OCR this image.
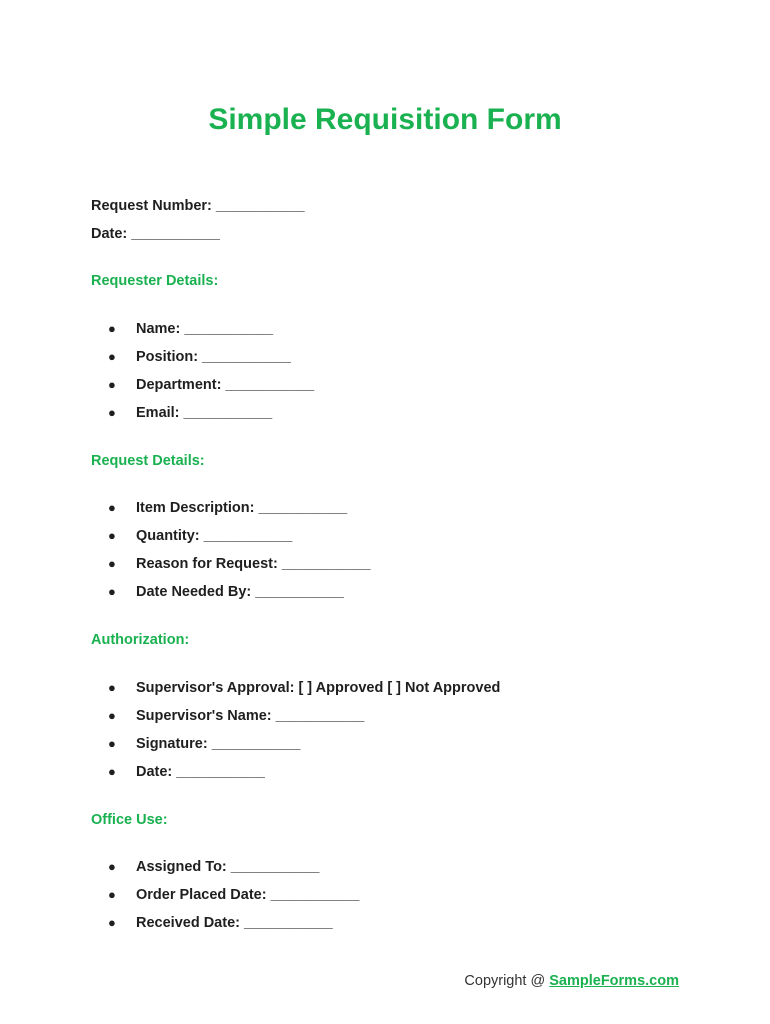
Simple Requisition Form
Request Number: ___________
Date: ___________
Requester Details:
● Name: ___________
● Position: ___________
● Department: ___________
● Email: ___________
Request Details:
● Item Description: ___________
● Quantity: ___________
● Reason for Request: ___________
● Date Needed By: ___________
Authorization:
● Supervisor's Approval: [ ] Approved [ ] Not Approved
● Supervisor's Name: ___________
● Signature: ___________
● Date: ___________
Office Use:
● Assigned To: ___________
● Order Placed Date: ___________
● Received Date: ___________
Copyright @ SampleForms.com
